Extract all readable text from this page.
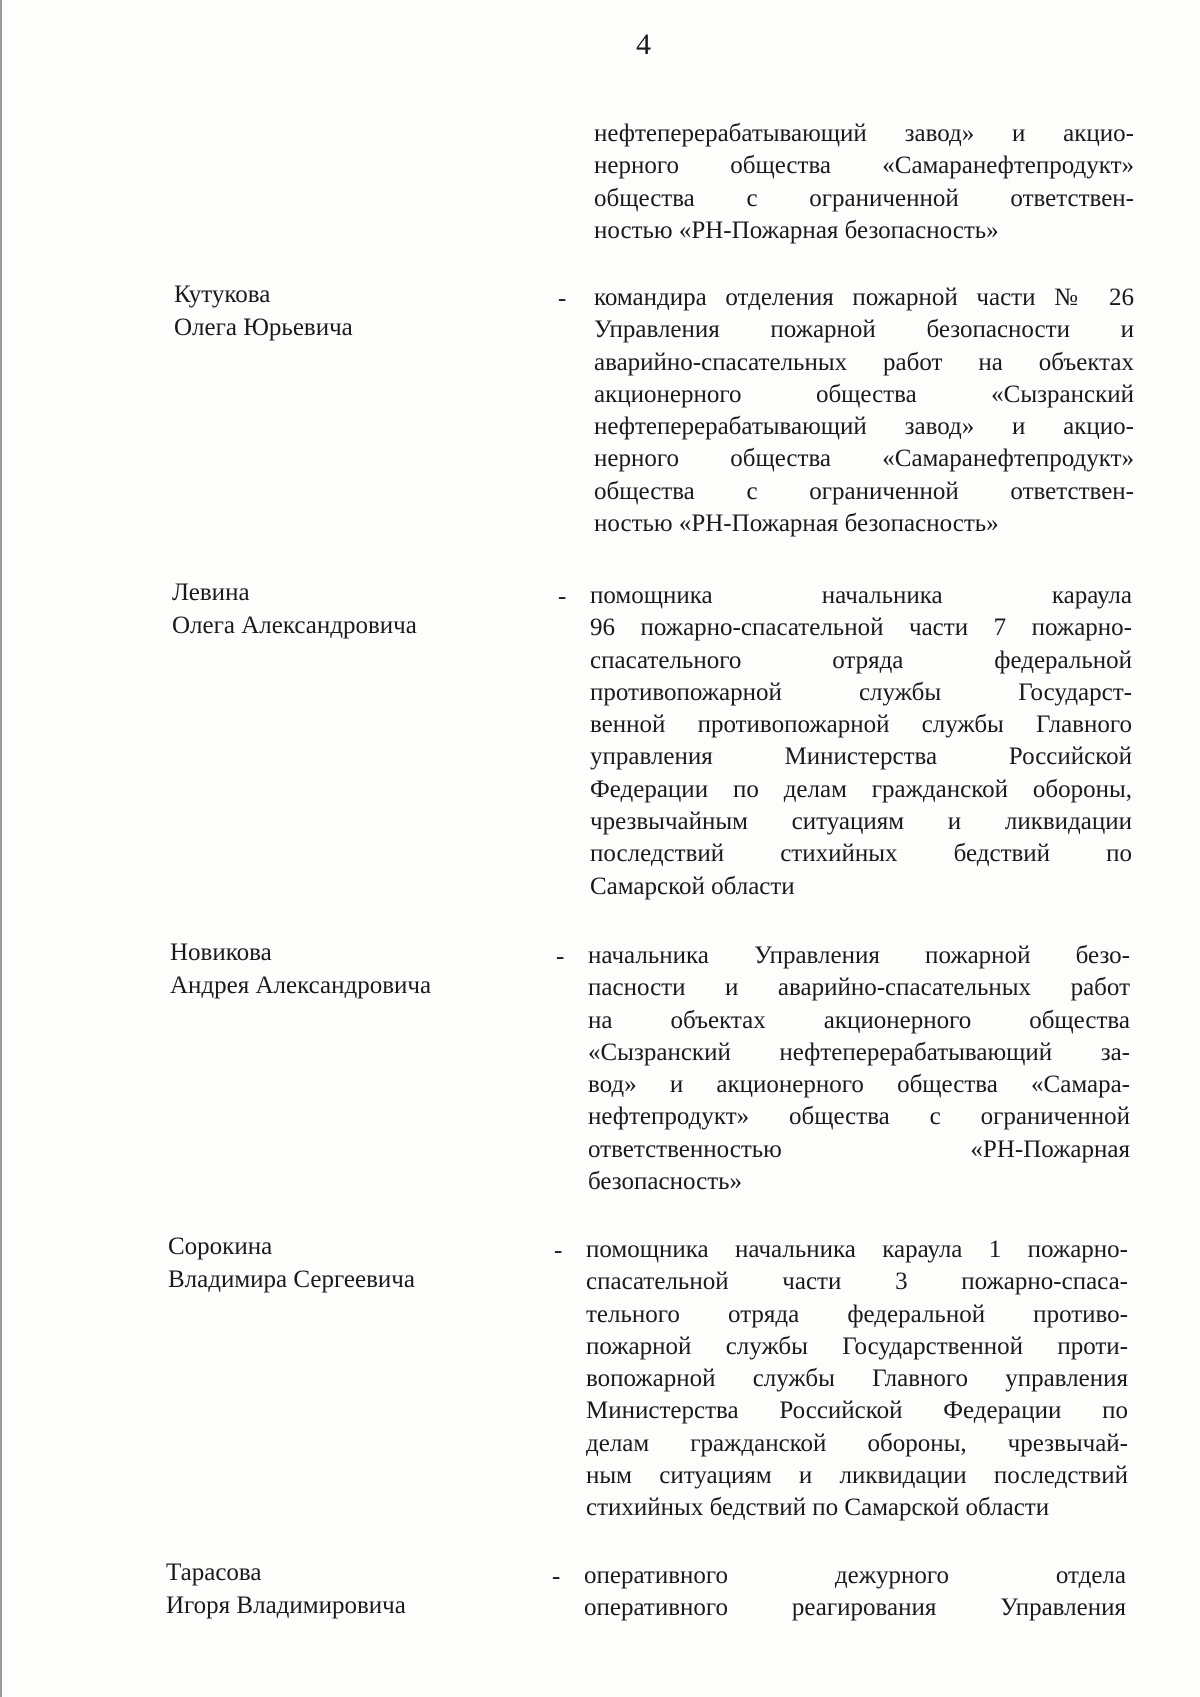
4
нефтеперерабатывающий завод» и акцио-
нерного общества «Самаранефтепродукт»
общества с ограниченной ответствен-
ностью «РН-Пожарная безопасность»
Кутукова
Олега Юрьевича
- командира отделения пожарной части № 26
Управления пожарной безопасности и
аварийно-спасательных работ на объектах
акционерного общества «Сызранский
нефтеперерабатывающий завод» и акцио-
нерного общества «Самаранефтепродукт»
общества с ограниченной ответствен-
ностью «РН-Пожарная безопасность»
Левина
Олега Александровича
- помощника начальника караула
96 пожарно-спасательной части 7 пожарно-
спасательного отряда федеральной
противопожарной службы Государст-
венной противопожарной службы Главного
управления Министерства Российской
Федерации по делам гражданской обороны,
чрезвычайным ситуациям и ликвидации
последствий стихийных бедствий по
Самарской области
Новикова
Андрея Александровича
- начальника Управления пожарной безо-
пасности и аварийно-спасательных работ
на объектах акционерного общества
«Сызранский нефтеперерабатывающий за-
вод» и акционерного общества «Самара-
нефтепродукт» общества с ограниченной
ответственностью «РН-Пожарная
безопасность»
Сорокина
Владимира Сергеевича
- помощника начальника караула 1 пожарно-
спасательной части 3 пожарно-спаса-
тельного отряда федеральной противо-
пожарной службы Государственной проти-
вопожарной службы Главного управления
Министерства Российской Федерации по
делам гражданской обороны, чрезвычай-
ным ситуациям и ликвидации последствий
стихийных бедствий по Самарской области
Тарасова
Игоря Владимировича
- оперативного дежурного отдела
оперативного реагирования Управления
